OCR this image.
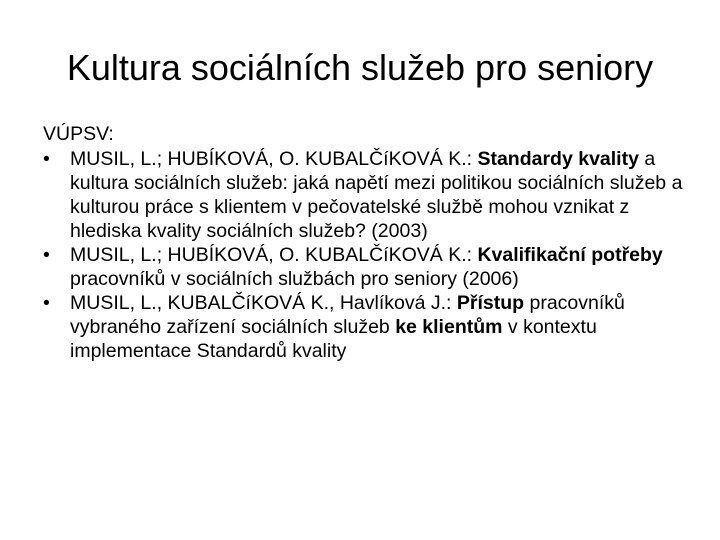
Kultura sociálních služeb pro seniory

VÚPSV:

•	MUSIL, L.; HUBÍKOVÁ, O. KUBALČíKOVÁ K.: Standardy kvality a kultura sociálních služeb: jaká napětí mezi politikou sociálních služeb a kulturou práce s klientem v pečovatelské službě mohou vznikat z hlediska kvality sociálních služeb? (2003)
•	MUSIL, L.; HUBÍKOVÁ, O. KUBALČíKOVÁ K.: Kvalifikační potřeby pracovníků v sociálních službách pro seniory (2006)
•	MUSIL, L., KUBALČíKOVÁ K., Havlíková J.: Přístup pracovníků vybraného zařízení sociálních služeb ke klientům v kontextu implementace Standardů kvality
